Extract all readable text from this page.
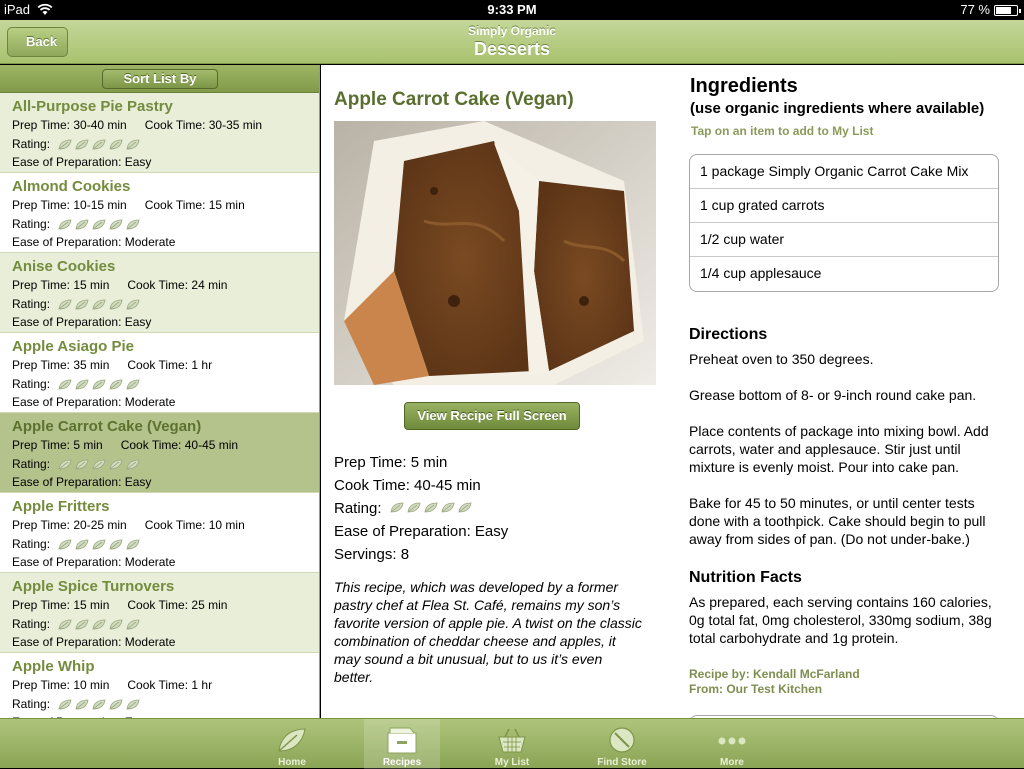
iPad	9:33 PM	77 %
Simply Organic
Desserts
Back
Sort List By
All-Purpose Pie Pastry
Prep Time: 30-40 min Cook Time: 30-35 min
Rating:
Ease of Preparation: Easy
Almond Cookies
Prep Time: 10-15 min Cook Time: 15 min
Rating:
Ease of Preparation: Moderate
Anise Cookies
Prep Time: 15 min Cook Time: 24 min
Rating:
Ease of Preparation: Easy
Apple Asiago Pie
Prep Time: 35 min Cook Time: 1 hr
Rating:
Ease of Preparation: Moderate
Apple Carrot Cake (Vegan)
Prep Time: 5 min Cook Time: 40-45 min
Rating:
Ease of Preparation: Easy
Apple Fritters
Prep Time: 20-25 min Cook Time: 10 min
Rating:
Ease of Preparation: Moderate
Apple Spice Turnovers
Prep Time: 15 min Cook Time: 25 min
Rating:
Ease of Preparation: Moderate
Apple Whip
Prep Time: 10 min Cook Time: 1 hr
Rating:
Apple Carrot Cake (Vegan)
View Recipe Full Screen
Prep Time: 5 min
Cook Time: 40-45 min
Rating:
Ease of Preparation: Easy
Servings: 8
This recipe, which was developed by a former pastry chef at Flea St. Café, remains my son’s favorite version of apple pie. A twist on the classic combination of cheddar cheese and apples, it may sound a bit unusual, but to us it’s even better.
Ingredients
(use organic ingredients where available)
Tap on an item to add to My List
1 package Simply Organic Carrot Cake Mix
1 cup grated carrots
1/2 cup water
1/4 cup applesauce
Directions
Preheat oven to 350 degrees.
Grease bottom of 8- or 9-inch round cake pan.
Place contents of package into mixing bowl. Add carrots, water and applesauce. Stir just until mixture is evenly moist. Pour into cake pan.
Bake for 45 to 50 minutes, or until center tests done with a toothpick. Cake should begin to pull away from sides of pan. (Do not under-bake.)
Nutrition Facts
As prepared, each serving contains 160 calories, 0g total fat, 0mg cholesterol, 330mg sodium, 38g total carbohydrate and 1g protein.
Recipe by: Kendall McFarland
From: Our Test Kitchen
Home	Recipes	My List	Find Store	More
